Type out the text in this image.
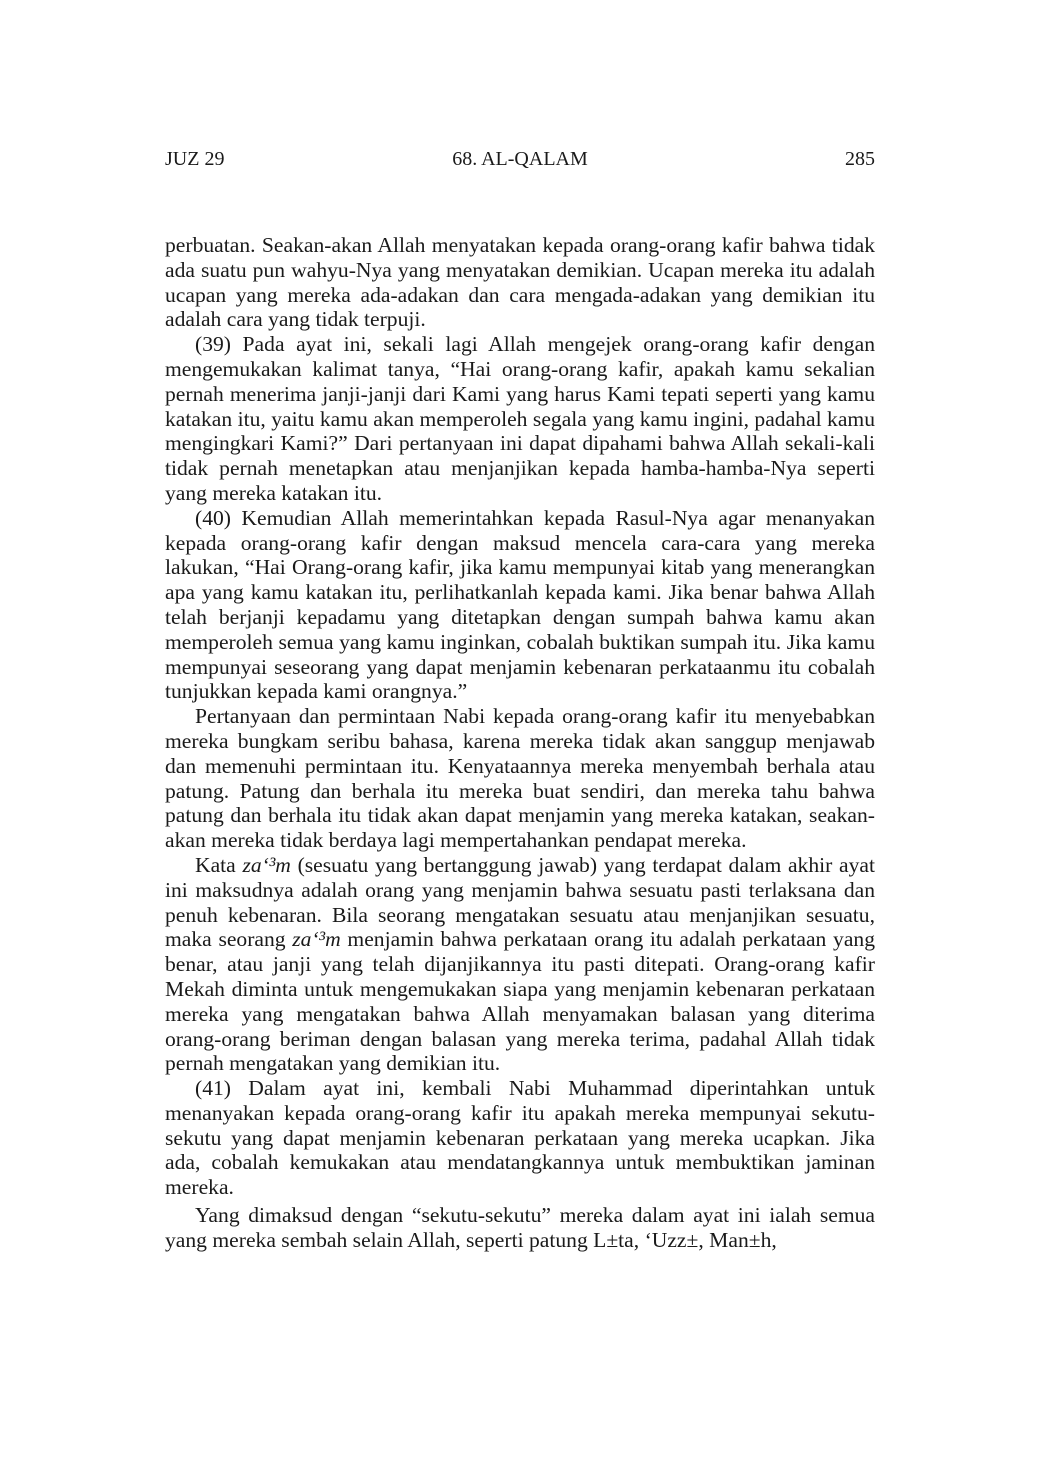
JUZ 29	68. AL-QALAM	285

perbuatan. Seakan-akan Allah menyatakan kepada orang-orang kafir bahwa tidak ada suatu pun wahyu-Nya yang menyatakan demikian. Ucapan mereka itu adalah ucapan yang mereka ada-adakan dan cara mengada-adakan yang demikian itu adalah cara yang tidak terpuji.

(39) Pada ayat ini, sekali lagi Allah mengejek orang-orang kafir dengan mengemukakan kalimat tanya, “Hai orang-orang kafir, apakah kamu sekalian pernah menerima janji-janji dari Kami yang harus Kami tepati seperti yang kamu katakan itu, yaitu kamu akan memperoleh segala yang kamu ingini, padahal kamu mengingkari Kami?” Dari pertanyaan ini dapat dipahami bahwa Allah sekali-kali tidak pernah menetapkan atau menjanjikan kepada hamba-hamba-Nya seperti yang mereka katakan itu.

(40) Kemudian Allah memerintahkan kepada Rasul-Nya agar menanyakan kepada orang-orang kafir dengan maksud mencela cara-cara yang mereka lakukan, “Hai Orang-orang kafir, jika kamu mempunyai kitab yang menerangkan apa yang kamu katakan itu, perlihatkanlah kepada kami. Jika benar bahwa Allah telah berjanji kepadamu yang ditetapkan dengan sumpah bahwa kamu akan memperoleh semua yang kamu inginkan, cobalah buktikan sumpah itu. Jika kamu mempunyai seseorang yang dapat menjamin kebenaran perkataanmu itu cobalah tunjukkan kepada kami orangnya.”

Pertanyaan dan permintaan Nabi kepada orang-orang kafir itu menyebabkan mereka bungkam seribu bahasa, karena mereka tidak akan sanggup menjawab dan memenuhi permintaan itu. Kenyataannya mereka menyembah berhala atau patung. Patung dan berhala itu mereka buat sendiri, dan mereka tahu bahwa patung dan berhala itu tidak akan dapat menjamin yang mereka katakan, seakan-akan mereka tidak berdaya lagi mempertahankan pendapat mereka.

Kata za‘³m (sesuatu yang bertanggung jawab) yang terdapat dalam akhir ayat ini maksudnya adalah orang yang menjamin bahwa sesuatu pasti terlaksana dan penuh kebenaran. Bila seorang mengatakan sesuatu atau menjanjikan sesuatu, maka seorang za‘³m menjamin bahwa perkataan orang itu adalah perkataan yang benar, atau janji yang telah dijanjikannya itu pasti ditepati. Orang-orang kafir Mekah diminta untuk mengemukakan siapa yang menjamin kebenaran perkataan mereka yang mengatakan bahwa Allah menyamakan balasan yang diterima orang-orang beriman dengan balasan yang mereka terima, padahal Allah tidak pernah mengatakan yang demikian itu.

(41) Dalam ayat ini, kembali Nabi Muhammad diperintahkan untuk menanyakan kepada orang-orang kafir itu apakah mereka mempunyai sekutu-sekutu yang dapat menjamin kebenaran perkataan yang mereka ucapkan. Jika ada, cobalah kemukakan atau mendatangkannya untuk membuktikan jaminan mereka.

Yang dimaksud dengan “sekutu-sekutu” mereka dalam ayat ini ialah semua yang mereka sembah selain Allah, seperti patung L±ta, ‘Uzz±, Man±h,
